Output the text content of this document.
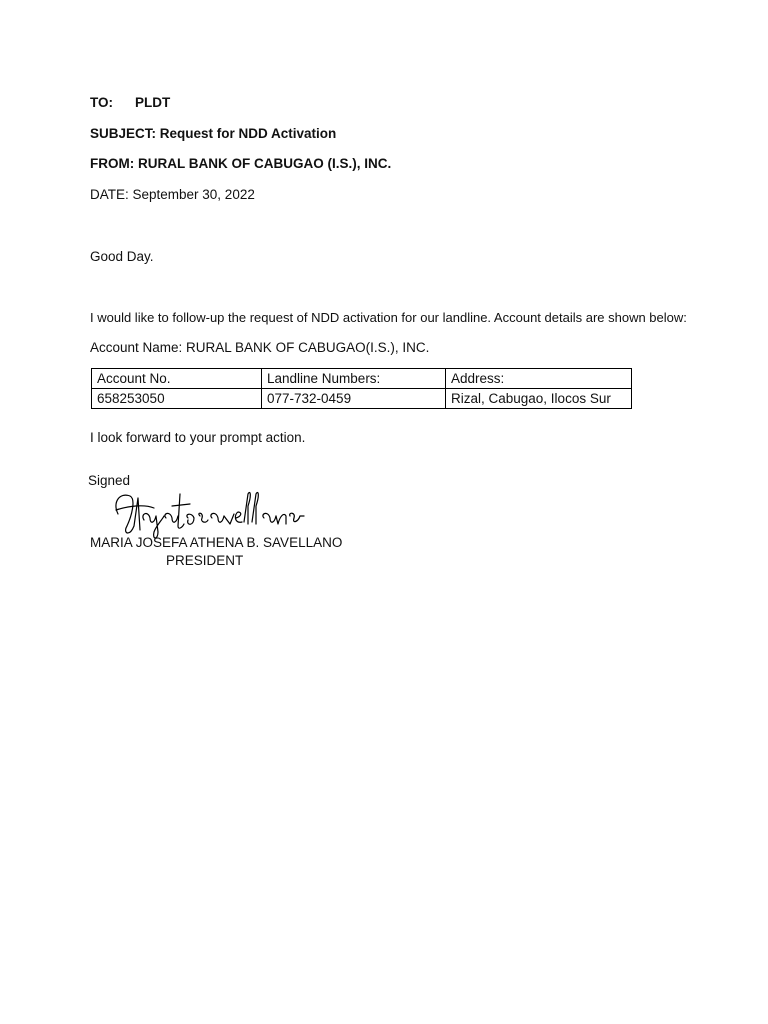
TO: PLDT
SUBJECT: Request for NDD Activation
FROM: RURAL BANK OF CABUGAO (I.S.), INC.
DATE: September 30, 2022
Good Day.
I would like to follow-up the request of NDD activation for our landline. Account details are shown below:
Account Name: RURAL BANK OF CABUGAO(I.S.), INC.
Account No.	Landline Numbers:	Address:
658253050	077-732-0459	Rizal, Cabugao, Ilocos Sur
I look forward to your prompt action.
Signed
MARIA JOSEFA ATHENA B. SAVELLANO
PRESIDENT
